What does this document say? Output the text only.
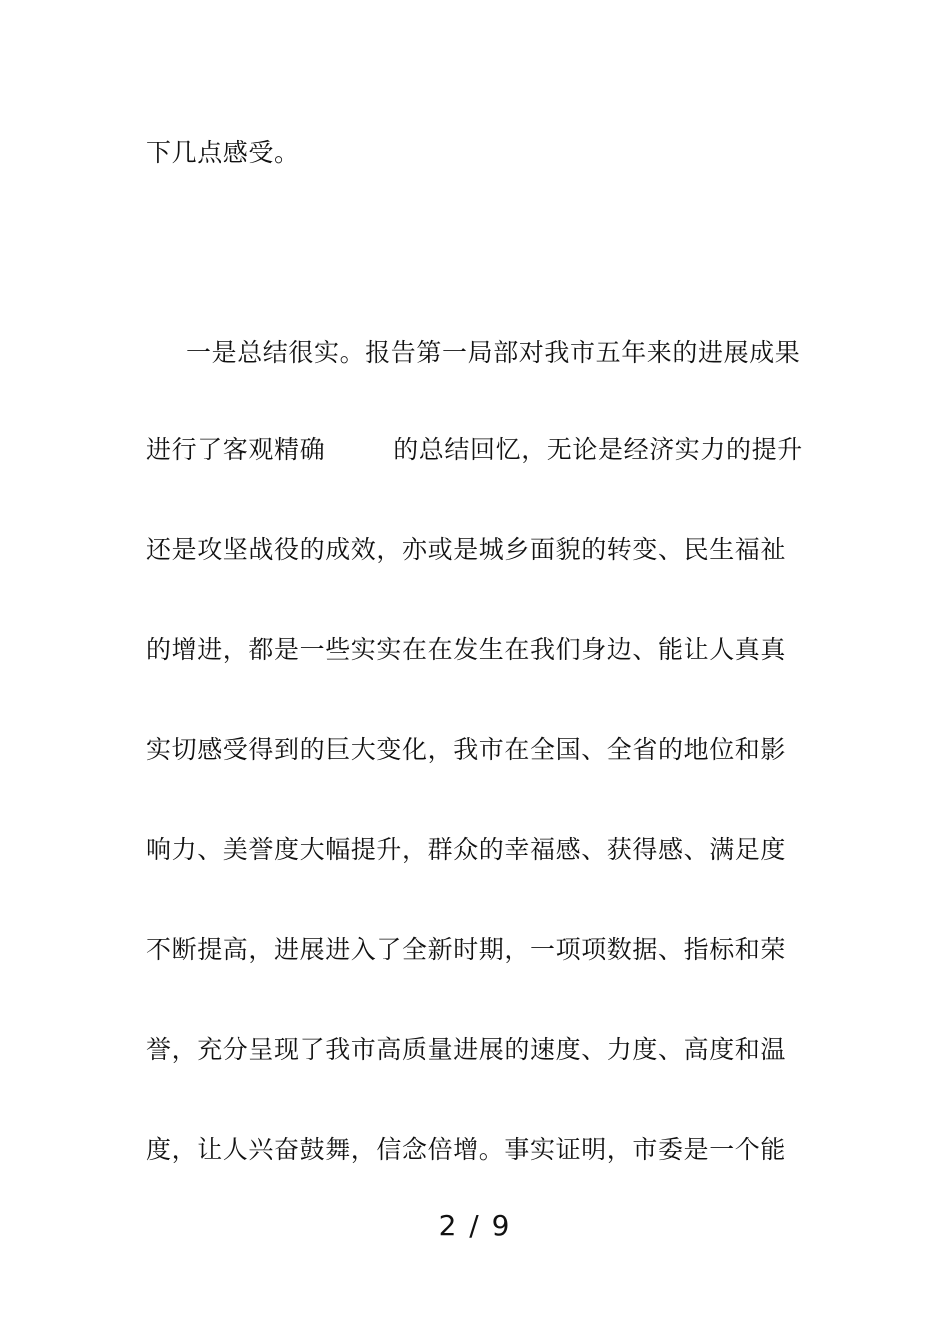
下几点感受。
一是总结很实。报告第一局部对我市五年来的进展成果
进行了客观精确	的总结回忆，无论是经济实力的提升
还是攻坚战役的成效，亦或是城乡面貌的转变、民生福祉
的增进，都是一些实实在在发生在我们身边、能让人真真
实切感受得到的巨大变化，我市在全国、全省的地位和影
响力、美誉度大幅提升，群众的幸福感、获得感、满足度
不断提高，进展进入了全新时期，一项项数据、指标和荣
誉，充分呈现了我市高质量进展的速度、力度、高度和温
度，让人兴奋鼓舞，信念倍增。事实证明，市委是一个能
2 / 9
